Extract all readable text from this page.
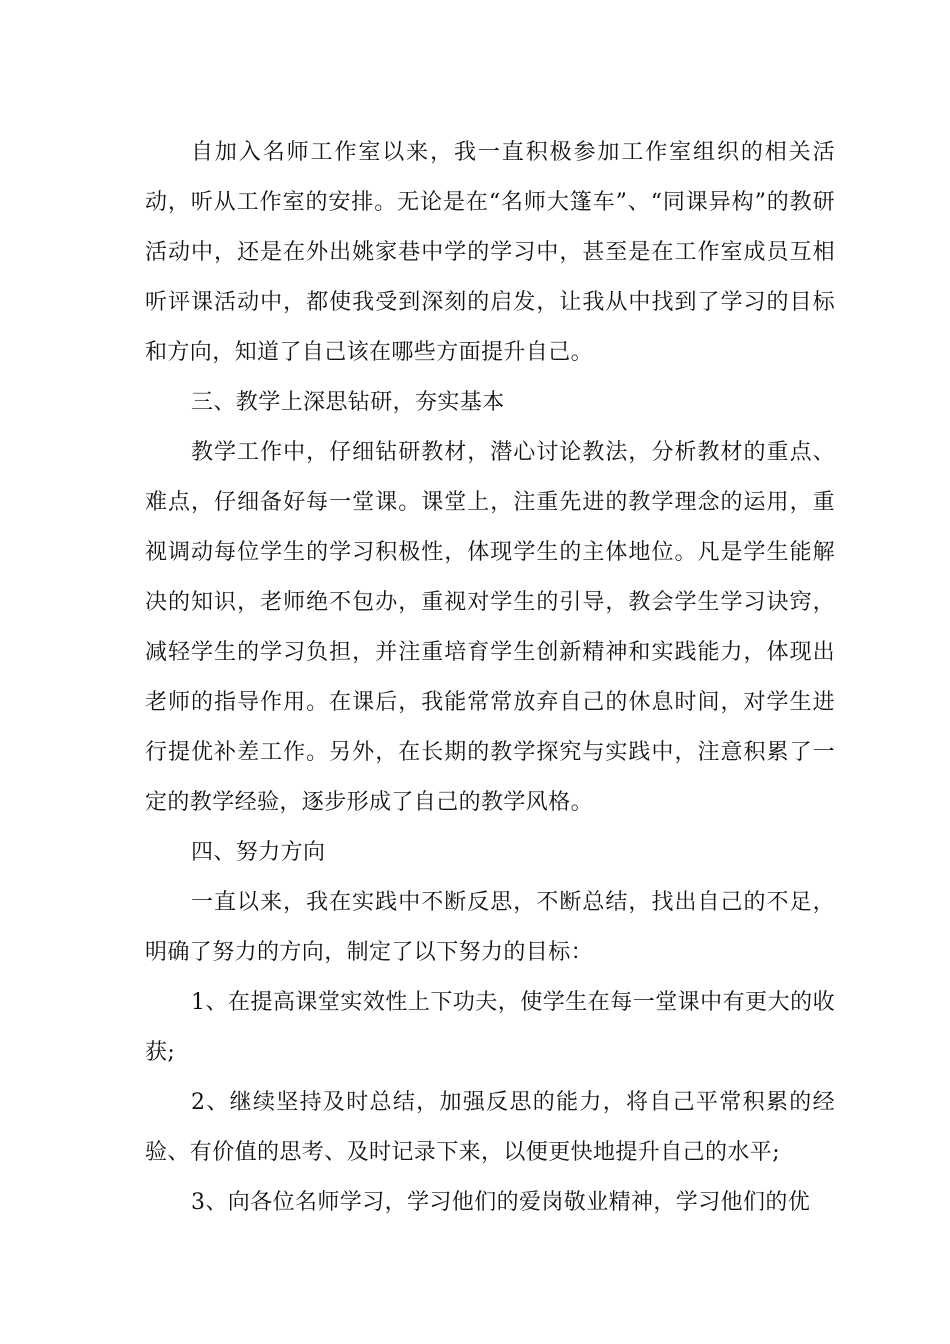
自加入名师工作室以来，我一直积极参加工作室组织的相关活动，听从工作室的安排。无论是在“名师大篷车”、“同课异构”的教研活动中，还是在外出姚家巷中学的学习中，甚至是在工作室成员互相听评课活动中，都使我受到深刻的启发，让我从中找到了学习的目标和方向，知道了自己该在哪些方面提升自己。

三、教学上深思钻研，夯实基本

教学工作中，仔细钻研教材，潜心讨论教法，分析教材的重点、难点，仔细备好每一堂课。课堂上，注重先进的教学理念的运用，重视调动每位学生的学习积极性，体现学生的主体地位。凡是学生能解决的知识，老师绝不包办，重视对学生的引导，教会学生学习诀窍，减轻学生的学习负担，并注重培育学生创新精神和实践能力，体现出老师的指导作用。在课后，我能常常放弃自己的休息时间，对学生进行提优补差工作。另外，在长期的教学探究与实践中，注意积累了一定的教学经验，逐步形成了自己的教学风格。

四、努力方向

一直以来，我在实践中不断反思，不断总结，找出自己的不足，明确了努力的方向，制定了以下努力的目标：

1、在提高课堂实效性上下功夫，使学生在每一堂课中有更大的收获;

2、继续坚持及时总结，加强反思的能力，将自己平常积累的经验、有价值的思考、及时记录下来，以便更快地提升自己的水平;

3、向各位名师学习，学习他们的爱岗敬业精神，学习他们的优
